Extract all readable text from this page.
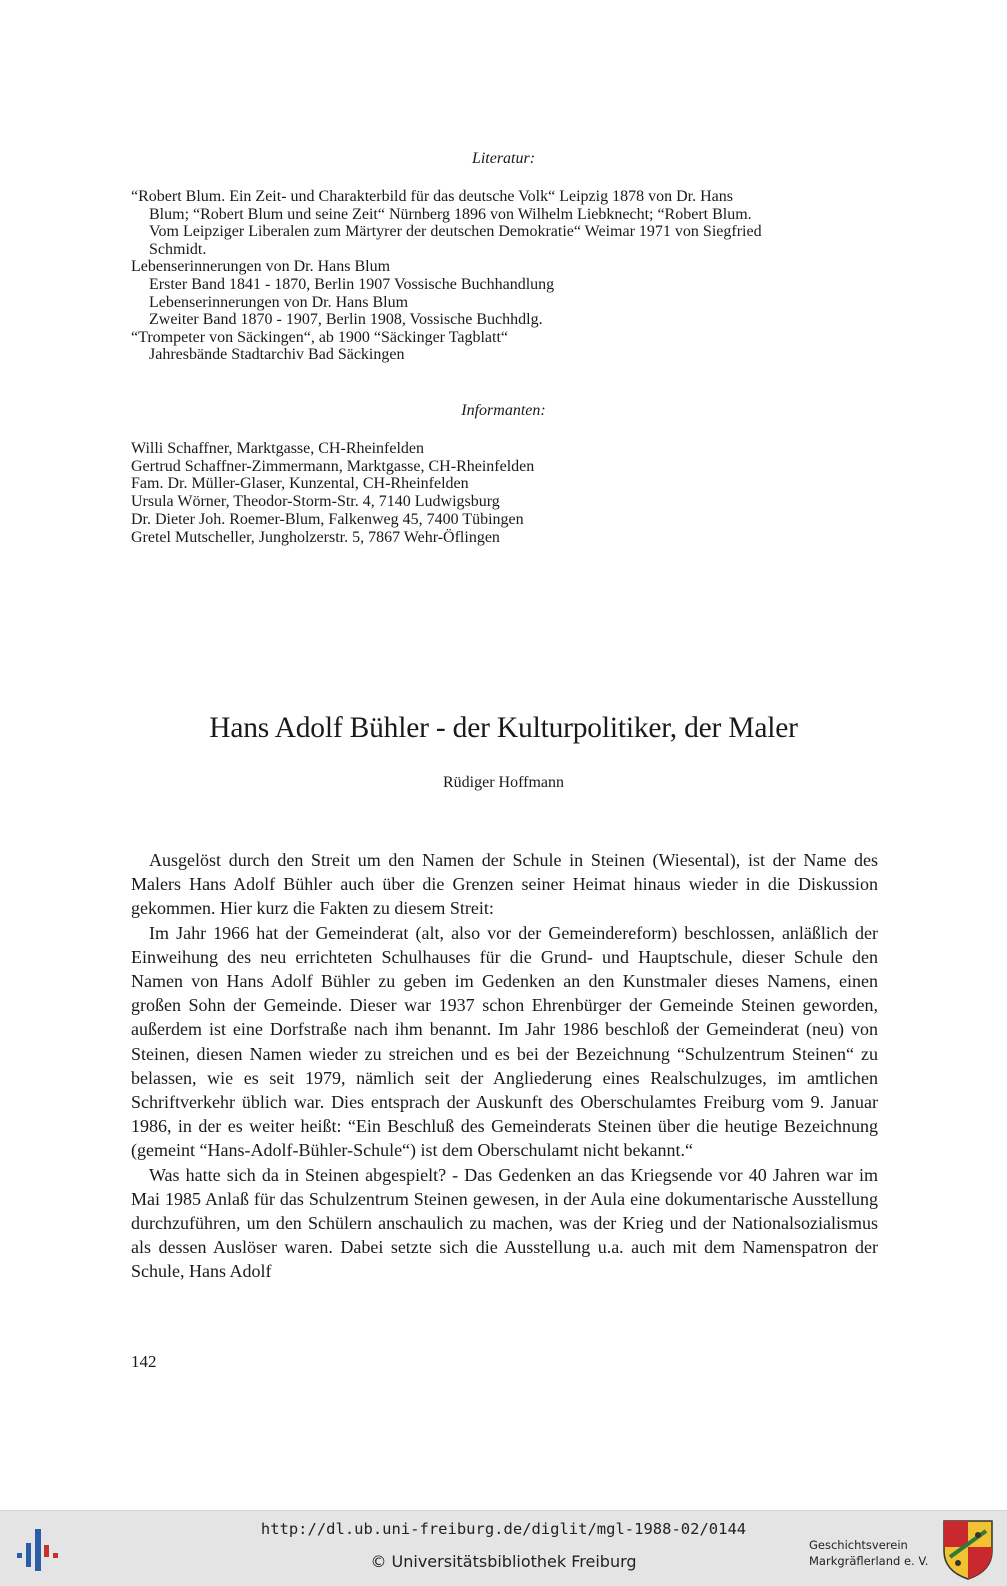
Literatur:
“Robert Blum. Ein Zeit- und Charakterbild für das deutsche Volk“ Leipzig 1878 von Dr. Hans
Blum; “Robert Blum und seine Zeit“ Nürnberg 1896 von Wilhelm Liebknecht; “Robert Blum.
Vom Leipziger Liberalen zum Märtyrer der deutschen Demokratie“ Weimar 1971 von Siegfried
Schmidt.
Lebenserinnerungen von Dr. Hans Blum
Erster Band 1841 - 1870, Berlin 1907 Vossische Buchhandlung
Lebenserinnerungen von Dr. Hans Blum
Zweiter Band 1870 - 1907, Berlin 1908, Vossische Buchhdlg.
“Trompeter von Säckingen“, ab 1900 “Säckinger Tagblatt“
Jahresbände Stadtarchiv Bad Säckingen
Informanten:
Willi Schaffner, Marktgasse, CH-Rheinfelden
Gertrud Schaffner-Zimmermann, Marktgasse, CH-Rheinfelden
Fam. Dr. Müller-Glaser, Kunzental, CH-Rheinfelden
Ursula Wörner, Theodor-Storm-Str. 4, 7140 Ludwigsburg
Dr. Dieter Joh. Roemer-Blum, Falkenweg 45, 7400 Tübingen
Gretel Mutscheller, Jungholzerstr. 5, 7867 Wehr-Öflingen
Hans Adolf Bühler - der Kulturpolitiker, der Maler
Rüdiger Hoffmann

Ausgelöst durch den Streit um den Namen der Schule in Steinen (Wiesental), ist der Name des Malers Hans Adolf Bühler auch über die Grenzen seiner Heimat hinaus wieder in die Diskussion gekommen. Hier kurz die Fakten zu diesem Streit:

Im Jahr 1966 hat der Gemeinderat (alt, also vor der Gemeindereform) beschlossen, anläßlich der Einweihung des neu errichteten Schulhauses für die Grund- und Hauptschule, dieser Schule den Namen von Hans Adolf Bühler zu geben im Gedenken an den Kunstmaler dieses Namens, einen großen Sohn der Gemeinde. Dieser war 1937 schon Ehrenbürger der Gemeinde Steinen geworden, außerdem ist eine Dorfstraße nach ihm benannt. Im Jahr 1986 beschloß der Gemeinderat (neu) von Steinen, diesen Namen wieder zu streichen und es bei der Bezeichnung “Schulzentrum Steinen“ zu belassen, wie es seit 1979, nämlich seit der Angliederung eines Realschulzuges, im amtlichen Schriftverkehr üblich war. Dies entsprach der Auskunft des Oberschulamtes Freiburg vom 9. Januar 1986, in der es weiter heißt: “Ein Beschluß des Gemeinderats Steinen über die heutige Bezeichnung (gemeint “Hans-Adolf-Bühler-Schule“) ist dem Oberschulamt nicht bekannt.“

Was hatte sich da in Steinen abgespielt? - Das Gedenken an das Kriegsende vor 40 Jahren war im Mai 1985 Anlaß für das Schulzentrum Steinen gewesen, in der Aula eine dokumentarische Ausstellung durchzuführen, um den Schülern anschaulich zu machen, was der Krieg und der Nationalsozialismus als dessen Auslöser waren. Dabei setzte sich die Ausstellung u.a. auch mit dem Namenspatron der Schule, Hans Adolf

142
http://dl.ub.uni-freiburg.de/diglit/mgl-1988-02/0144
© Universitätsbibliothek Freiburg
Geschichtsverein
Markgräflerland e. V.
